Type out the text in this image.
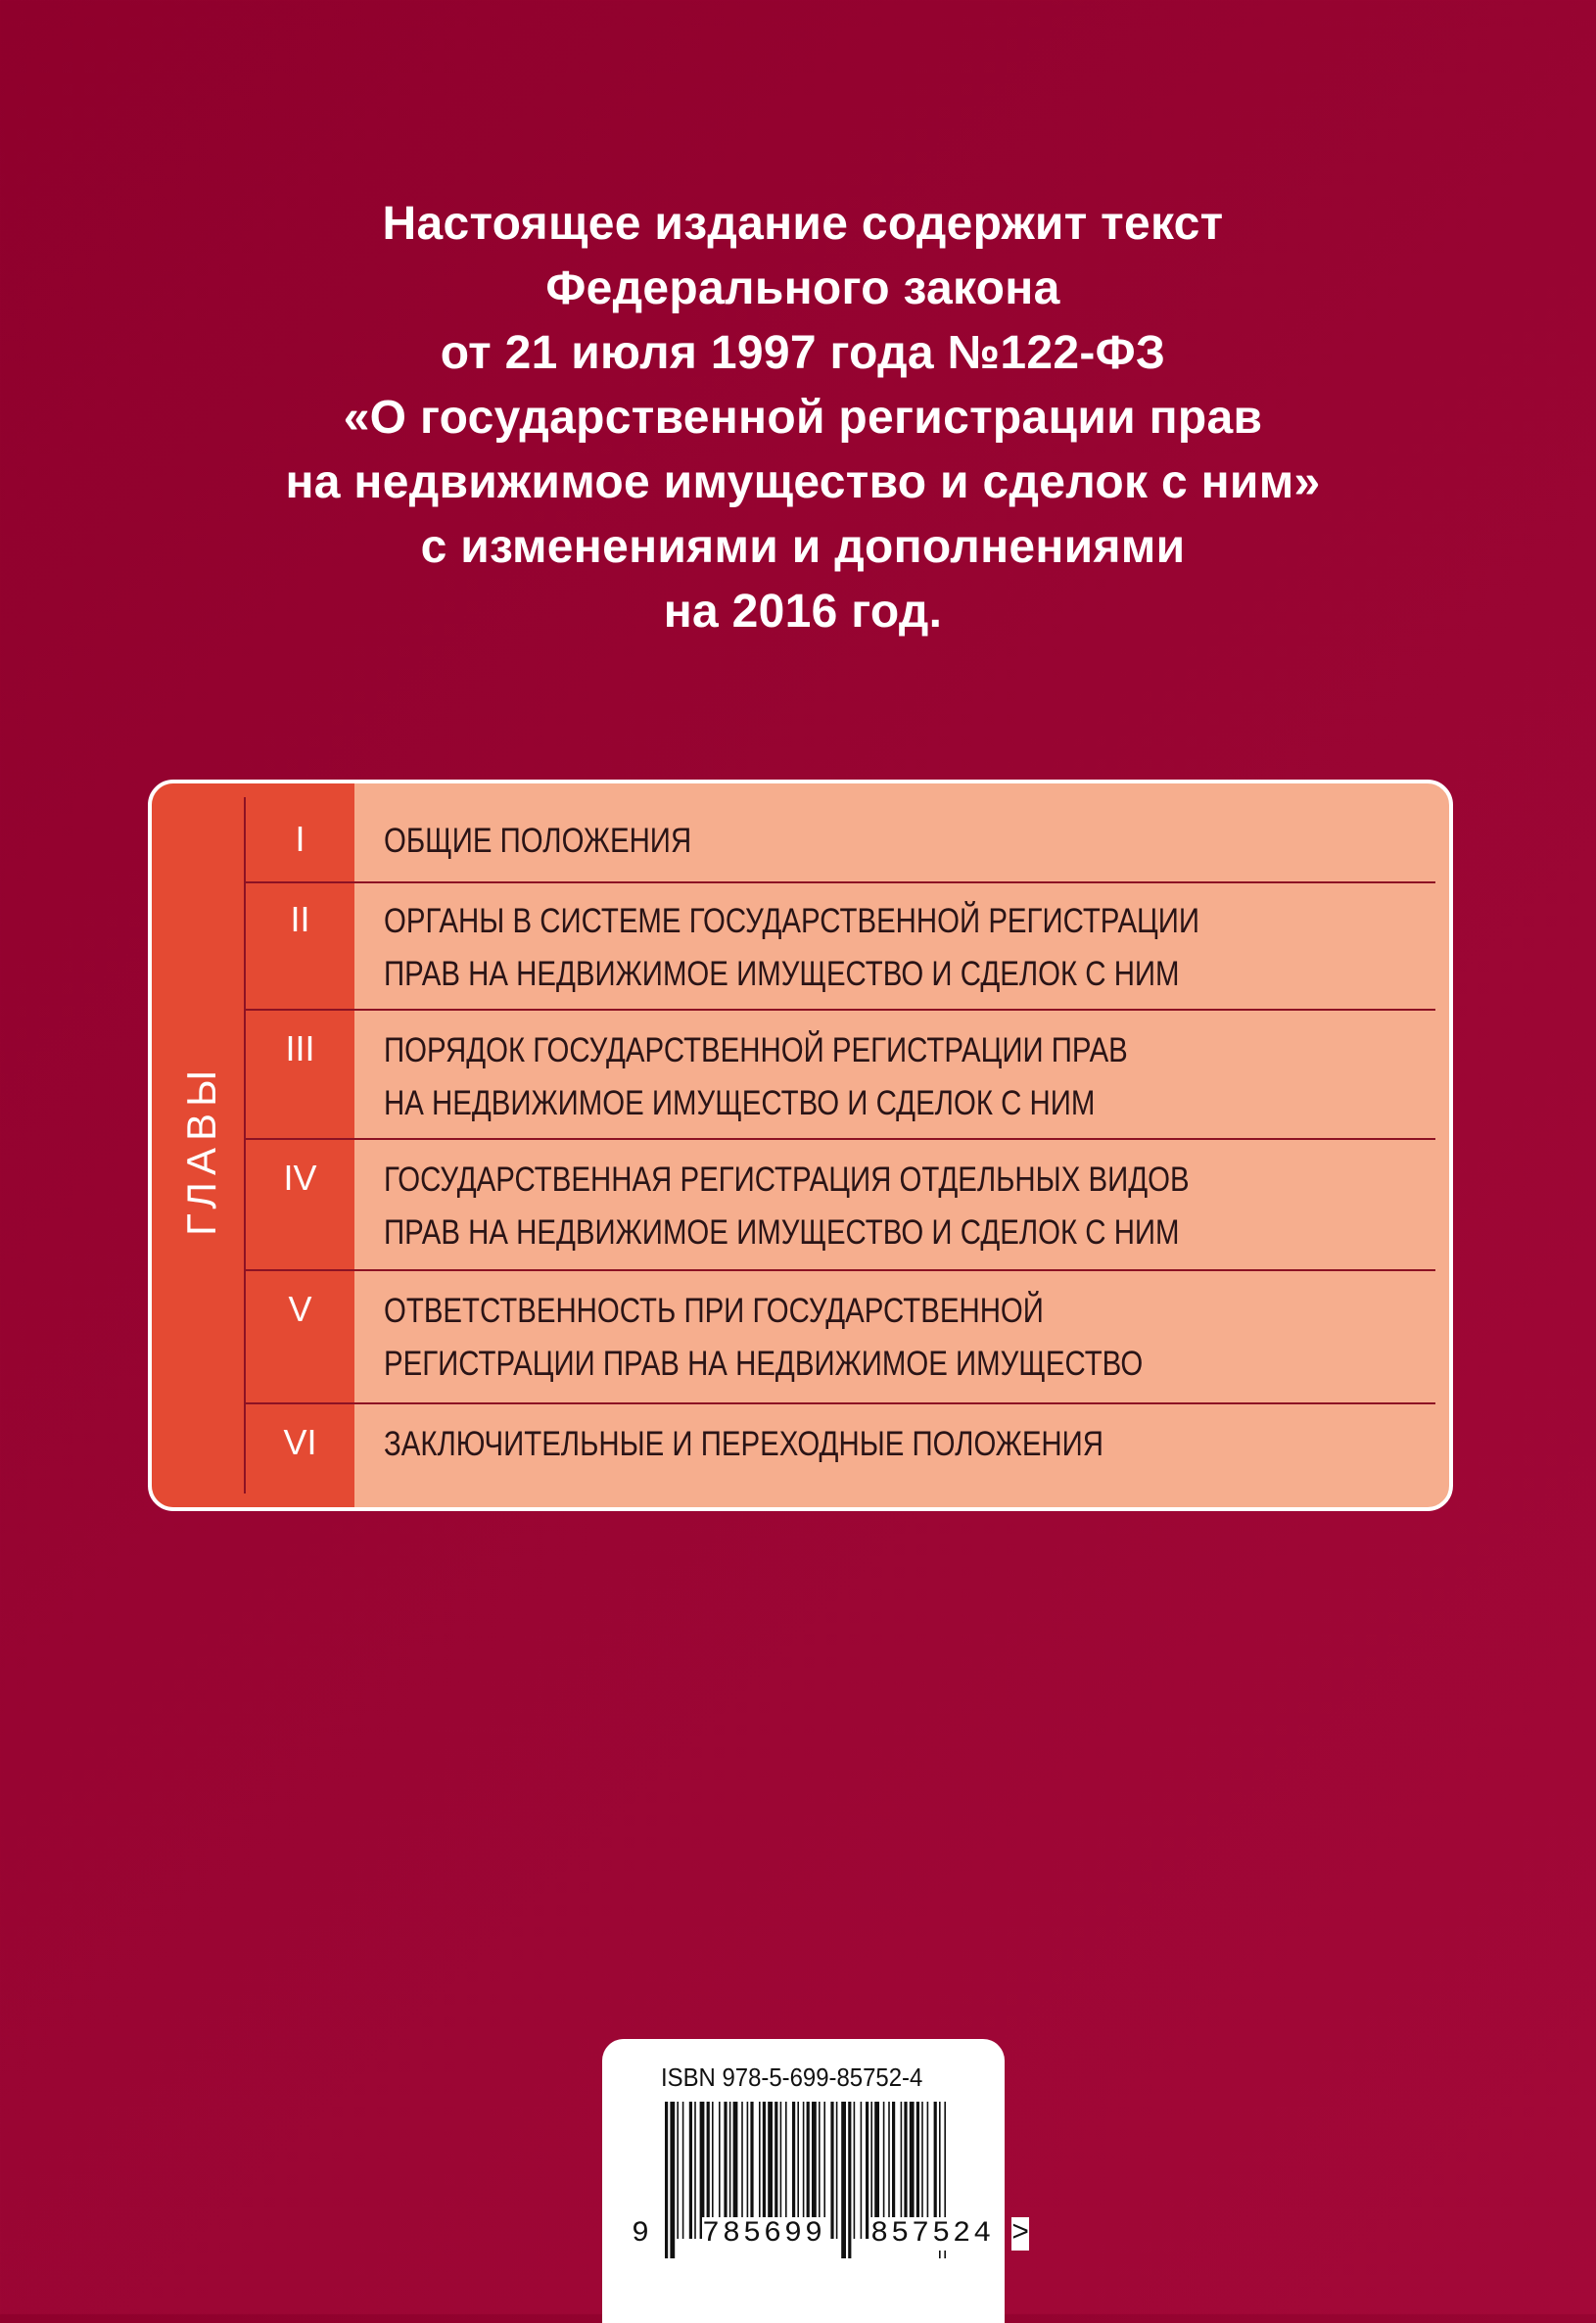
Настоящее издание содержит текст
Федерального закона
от 21 июля 1997 года №122-ФЗ
«О государственной регистрации прав
на недвижимое имущество и сделок с ним»
с изменениями и дополнениями
на 2016 год.
I	ОБЩИЕ ПОЛОЖЕНИЯ
II	ОРГАНЫ В СИСТЕМЕ ГОСУДАРСТВЕННОЙ РЕГИСТРАЦИИ
ПРАВ НА НЕДВИЖИМОЕ ИМУЩЕСТВО И СДЕЛОК С НИМ
III	ПОРЯДОК ГОСУДАРСТВЕННОЙ РЕГИСТРАЦИИ ПРАВ
НА НЕДВИЖИМОЕ ИМУЩЕСТВО И СДЕЛОК С НИМ
IV	ГОСУДАРСТВЕННАЯ РЕГИСТРАЦИЯ ОТДЕЛЬНЫХ ВИДОВ
ПРАВ НА НЕДВИЖИМОЕ ИМУЩЕСТВО И СДЕЛОК С НИМ
V	ОТВЕТСТВЕННОСТЬ ПРИ ГОСУДАРСТВЕННОЙ
РЕГИСТРАЦИИ ПРАВ НА НЕДВИЖИМОЕ ИМУЩЕСТВО
VI	ЗАКЛЮЧИТЕЛЬНЫЕ И ПЕРЕХОДНЫЕ ПОЛОЖЕНИЯ
ГЛАВЫ
ISBN 978-5-699-85752-4
9 785699 857524 >
